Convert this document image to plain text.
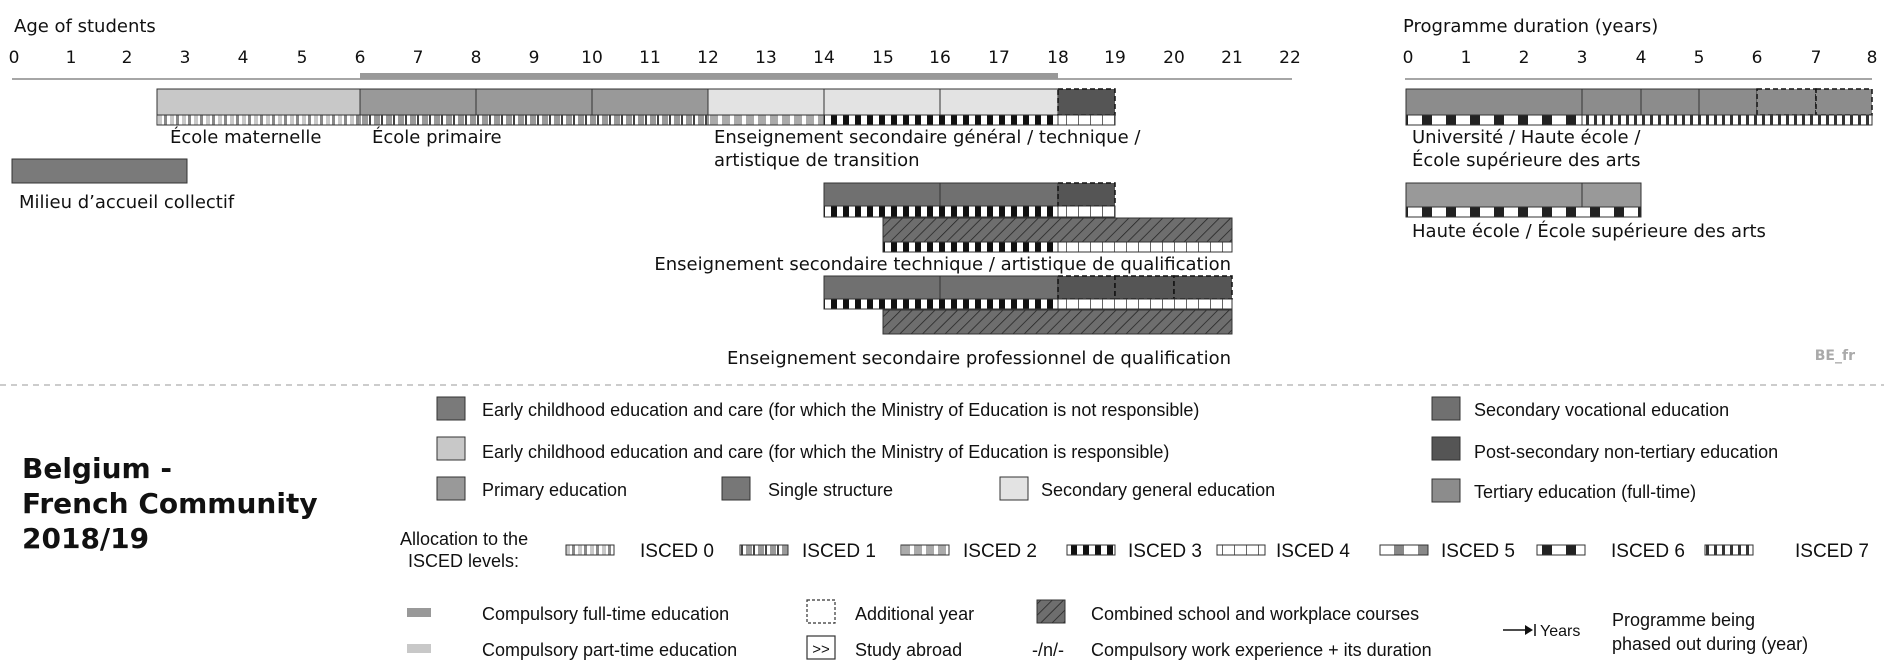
Age of students	Programme duration (years)
0	1	2	3	4	5	6	7	8	9 10 11 12 13 14 15 16 17 18 19 20 21 22	0	1	2	3	4	5	6	7	8
École maternelle	École primaire	Enseignement secondaire général / technique /
artistique de transition
Milieu d’accueil collectif
Enseignement secondaire technique / artistique de qualification
Enseignement secondaire professionnel de qualification
Université / Haute école /
École supérieure des arts
Haute école / École supérieure des arts
BE_fr
Belgium -
French Community
2018/19
Early childhood education and care (for which the Ministry of Education is not responsible)
Early childhood education and care (for which the Ministry of Education is responsible)
Primary education	Single structure	Secondary general education
Secondary vocational education
Post-secondary non-tertiary education
Tertiary education (full-time)
Allocation to the
ISCED levels:	ISCED 0	ISCED 1	ISCED 2	ISCED 3	ISCED 4	ISCED 5	ISCED 6	ISCED 7
Compulsory full-time education
Compulsory part-time education
Additional year
>> Study abroad
Combined school and workplace courses
-/n/- Compulsory work experience + its duration
Years
Programme being
phased out during (year)
